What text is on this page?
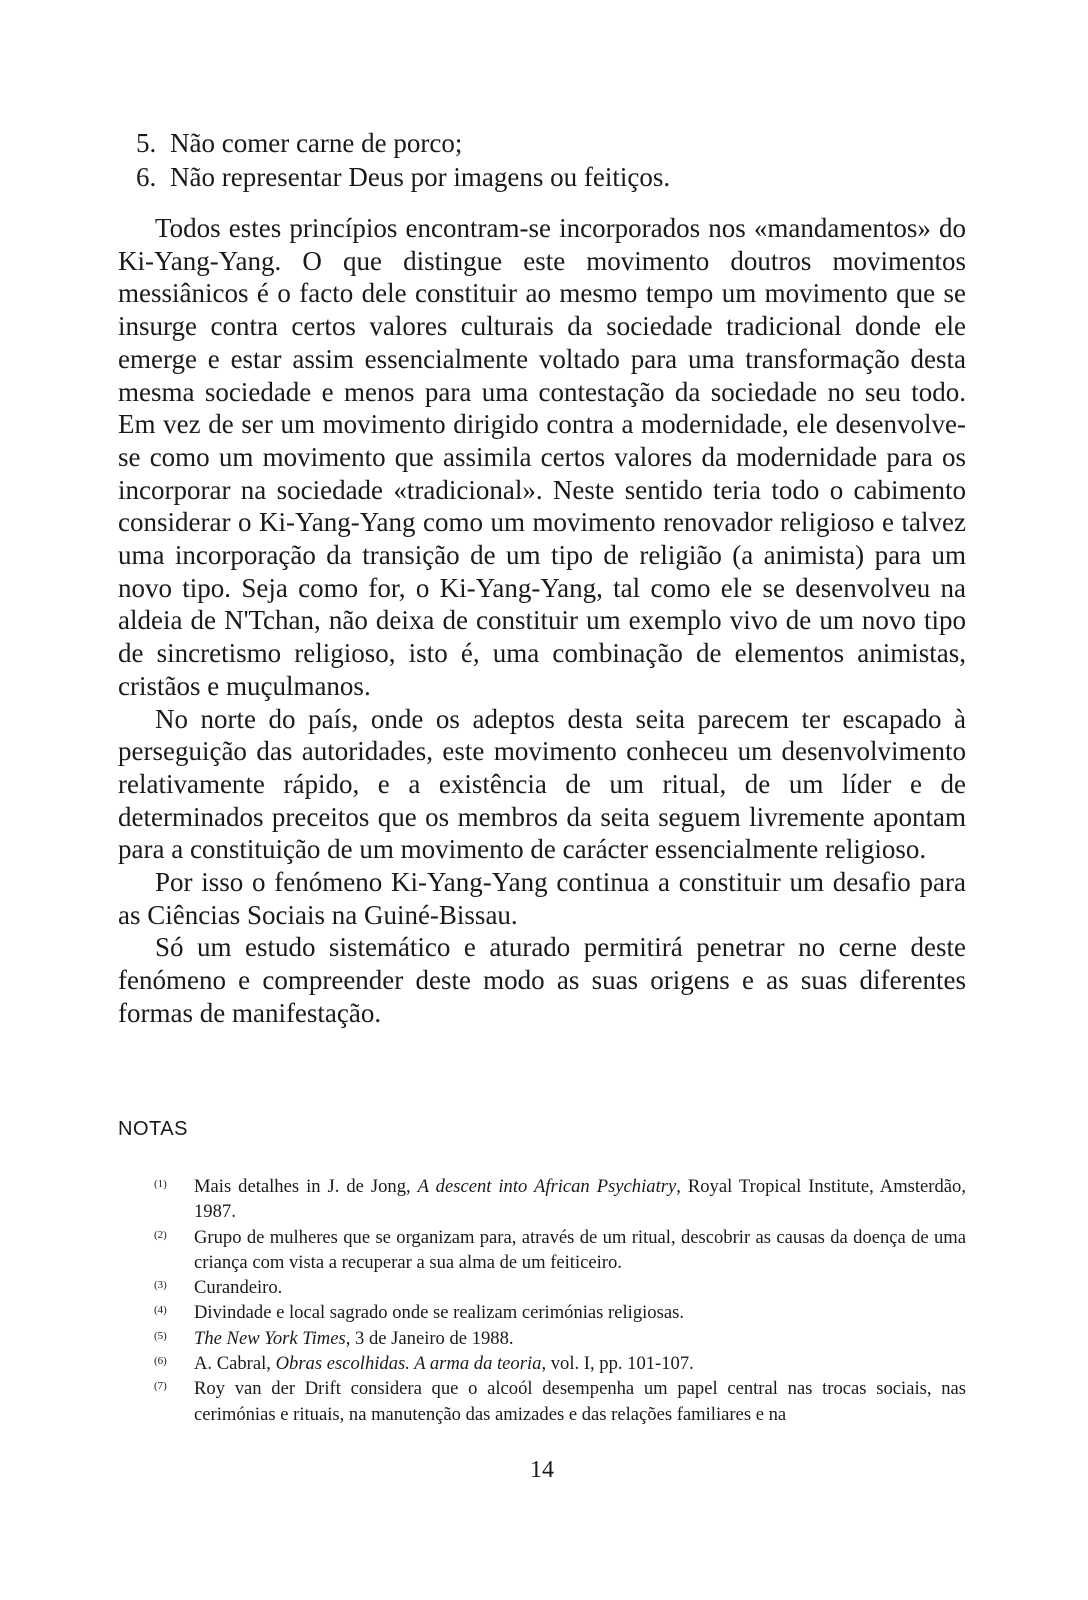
5. Não comer carne de porco;
6. Não representar Deus por imagens ou feitiços.

Todos estes princípios encontram-se incorporados nos «mandamentos» do Ki-Yang-Yang. O que distingue este movimento doutros movimentos messiânicos é o facto dele constituir ao mesmo tempo um movimento que se insurge contra certos valores culturais da sociedade tradicional donde ele emerge e estar assim essencialmente voltado para uma transformação desta mesma sociedade e menos para uma contestação da sociedade no seu todo. Em vez de ser um movimento dirigido contra a modernidade, ele desenvolve-se como um movimento que assimila certos valores da modernidade para os incorporar na sociedade «tradicional». Neste sentido teria todo o cabimento considerar o Ki-Yang-Yang como um movimento renovador religioso e talvez uma incorporação da transição de um tipo de religião (a animista) para um novo tipo. Seja como for, o Ki-Yang-Yang, tal como ele se desenvolveu na aldeia de N'Tchan, não deixa de constituir um exemplo vivo de um novo tipo de sincretismo religioso, isto é, uma combinação de elementos animistas, cristãos e muçulmanos.

No norte do país, onde os adeptos desta seita parecem ter escapado à perseguição das autoridades, este movimento conheceu um desenvolvimento relativamente rápido, e a existência de um ritual, de um líder e de determinados preceitos que os membros da seita seguem livremente apontam para a constituição de um movimento de carácter essencialmente religioso.

Por isso o fenómeno Ki-Yang-Yang continua a constituir um desafio para as Ciências Sociais na Guiné-Bissau.

Só um estudo sistemático e aturado permitirá penetrar no cerne deste fenómeno e compreender deste modo as suas origens e as suas diferentes formas de manifestação.

NOTAS
(1)	Mais detalhes in J. de Jong, A descent into African Psychiatry, Royal Tropical Institute, Amsterdão, 1987.
(2)	Grupo de mulheres que se organizam para, através de um ritual, descobrir as causas da doença de uma criança com vista a recuperar a sua alma de um feiticeiro.
(3)	Curandeiro.
(4)	Divindade e local sagrado onde se realizam cerimónias religiosas.
(5)	The New York Times, 3 de Janeiro de 1988.
(6)	A. Cabral, Obras escolhidas. A arma da teoria, vol. I, pp. 101-107.
(7)	Roy van der Drift considera que o alcoól desempenha um papel central nas trocas sociais, nas cerimónias e rituais, na manutenção das amizades e das relações familiares e na
14
